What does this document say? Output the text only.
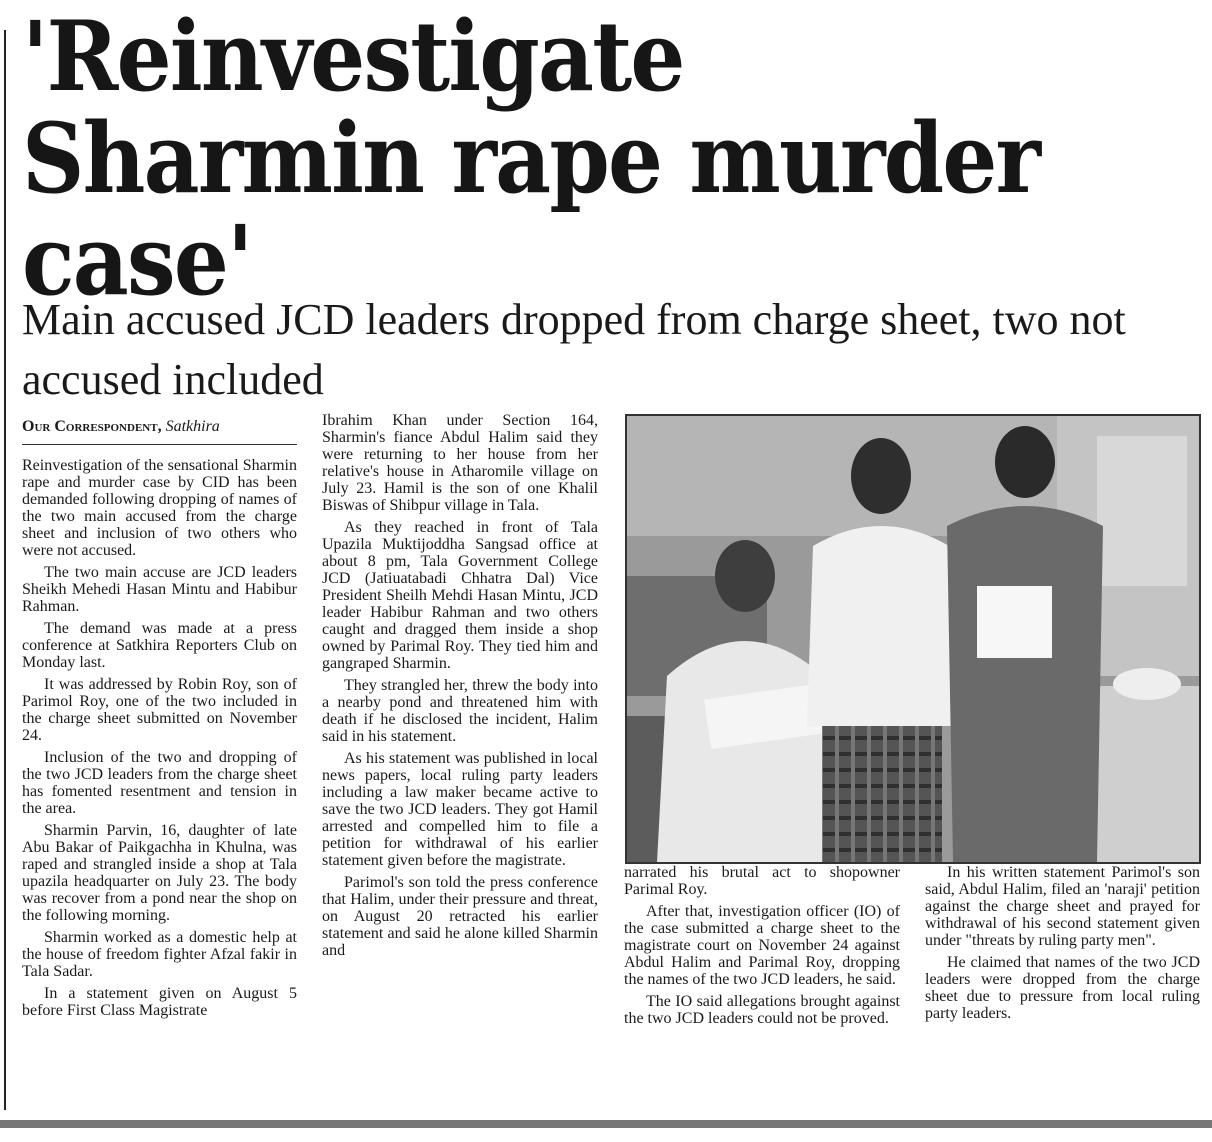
'Reinvestigate Sharmin rape murder case'
Main accused JCD leaders dropped from charge sheet, two not accused included
Our Correspondent, Satkhira

Reinvestigation of the sensational Sharmin rape and murder case by CID has been demanded following dropping of names of the two main accused from the charge sheet and inclusion of two others who were not accused.

The two main accuse are JCD leaders Sheikh Mehedi Hasan Mintu and Habibur Rahman.

The demand was made at a press conference at Satkhira Reporters Club on Monday last.

It was addressed by Robin Roy, son of Parimol Roy, one of the two included in the charge sheet submitted on November 24.

Inclusion of the two and dropping of the two JCD leaders from the charge sheet has fomented resentment and tension in the area.

Sharmin Parvin, 16, daughter of late Abu Bakar of Paikgachha in Khulna, was raped and strangled inside a shop at Tala upazila headquarter on July 23. The body was recover from a pond near the shop on the following morning.

Sharmin worked as a domestic help at the house of freedom fighter Afzal fakir in Tala Sadar.

In a statement given on August 5 before First Class Magistrate

Ibrahim Khan under Section 164, Sharmin's fiance Abdul Halim said they were returning to her house from her relative's house in Atharomile village on July 23. Hamil is the son of one Khalil Biswas of Shibpur village in Tala.

As they reached in front of Tala Upazila Muktijoddha Sangsad office at about 8 pm, Tala Government College JCD (Jatiuatabadi Chhatra Dal) Vice President Sheilh Mehdi Hasan Mintu, JCD leader Habibur Rahman and two others caught and dragged them inside a shop owned by Parimal Roy. They tied him and gangraped Sharmin.

They strangled her, threw the body into a nearby pond and threatened him with death if he disclosed the incident, Halim said in his statement.

As his statement was published in local news papers, local ruling party leaders including a law maker became active to save the two JCD leaders. They got Hamil arrested and compelled him to file a petition for withdrawal of his earlier statement given before the magistrate.

Parimol's son told the press conference that Halim, under their pressure and threat, on August 20 retracted his earlier statement and said he alone killed Sharmin and

narrated his brutal act to shopowner Parimal Roy.

After that, investigation officer (IO) of the case submitted a charge sheet to the magistrate court on November 24 against Abdul Halim and Parimal Roy, dropping the names of the two JCD leaders, he said.

The IO said allegations brought against the two JCD leaders could not be proved.

In his written statement Parimol's son said, Abdul Halim, filed an 'naraji' petition against the charge sheet and prayed for withdrawal of his second statement given under "threats by ruling party men".

He claimed that names of the two JCD leaders were dropped from the charge sheet due to pressure from local ruling party leaders.
